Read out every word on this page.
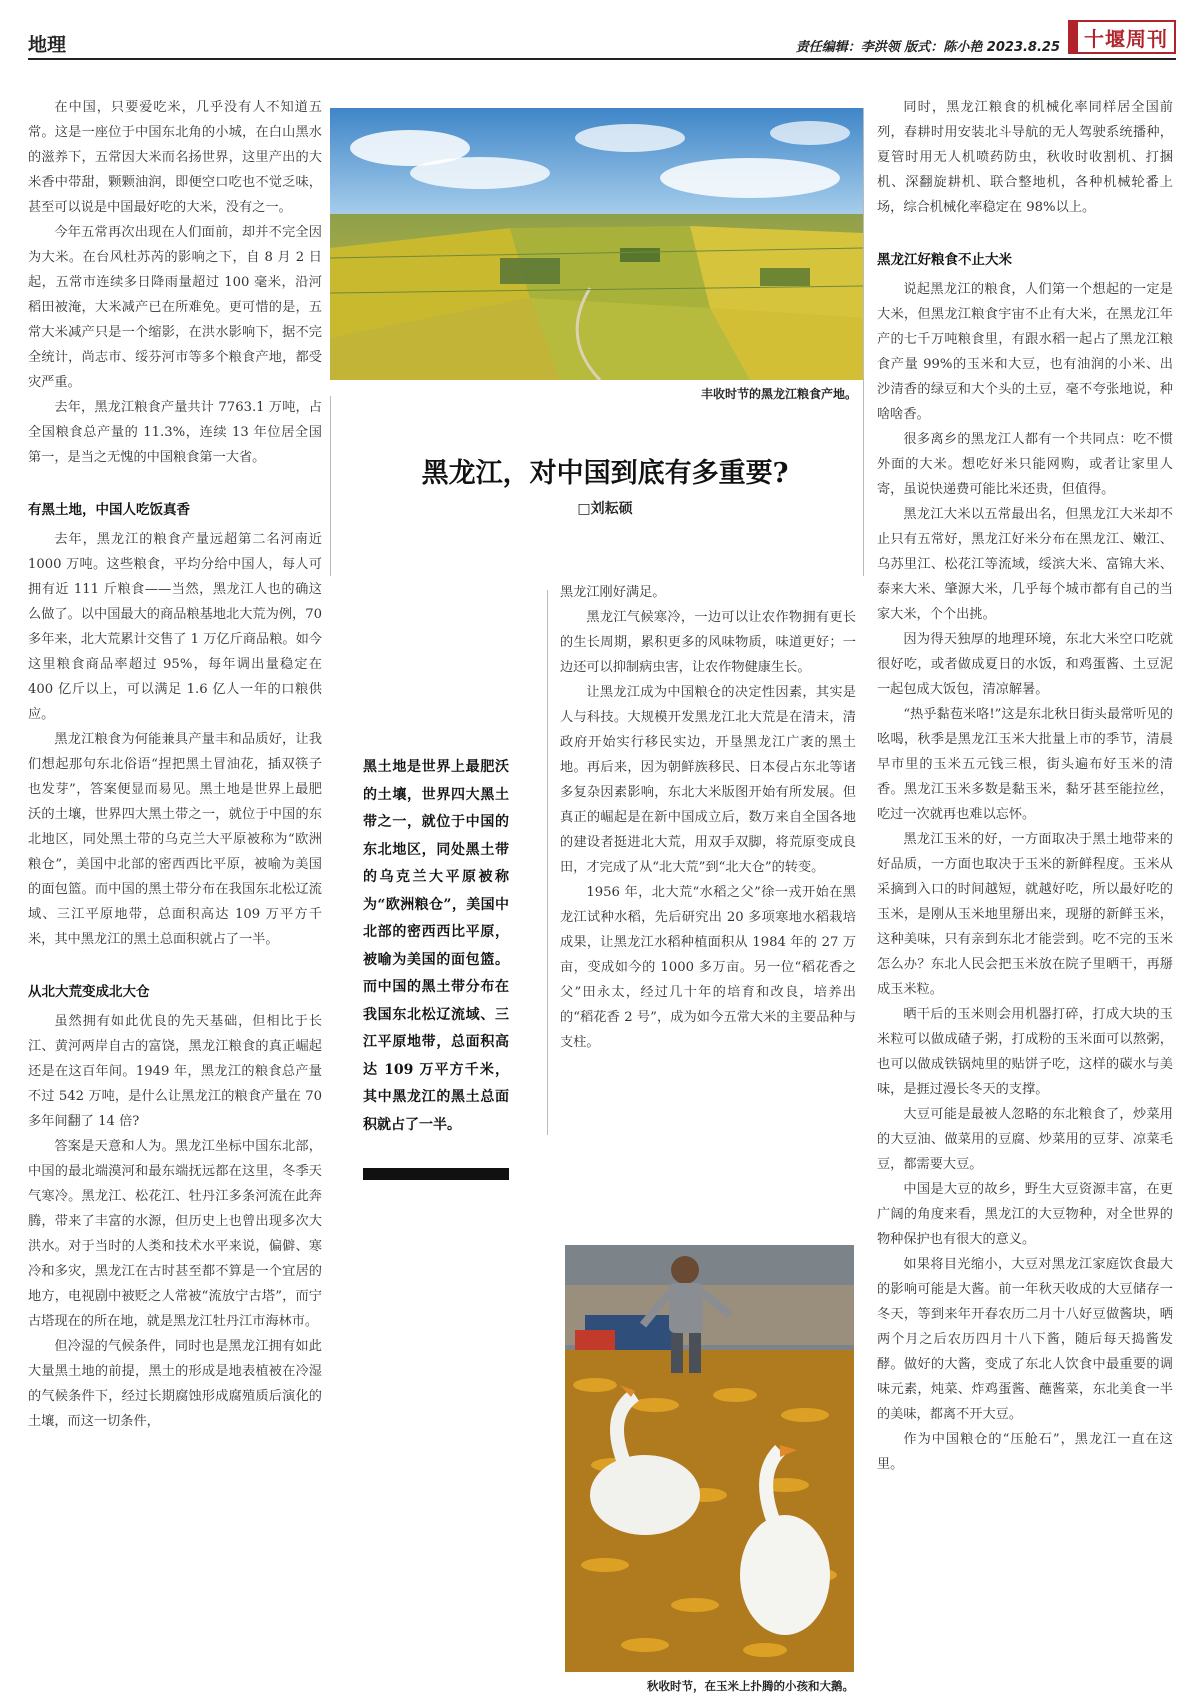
地理	责任编辑：李洪领 版式：陈小艳 2023.8.25	十堰周刊

在中国，只要爱吃米，几乎没有人不知道五常。这是一座位于中国东北角的小城，在白山黑水的滋养下，五常因大米而名扬世界，这里产出的大米香中带甜，颗颗油润，即便空口吃也不觉乏味，甚至可以说是中国最好吃的大米，没有之一。

今年五常再次出现在人们面前，却并不完全因为大米。在台风杜苏芮的影响之下，自 8 月 2 日起，五常市连续多日降雨量超过 100 毫米，沿河稻田被淹，大米减产已在所难免。更可惜的是，五常大米减产只是一个缩影，在洪水影响下，据不完全统计，尚志市、绥芬河市等多个粮食产地，都受灾严重。

去年，黑龙江粮食产量共计 7763.1 万吨，占全国粮食总产量的 11.3%，连续 13 年位居全国第一，是当之无愧的中国粮食第一大省。

有黑土地，中国人吃饭真香

去年，黑龙江的粮食产量远超第二名河南近 1000 万吨。这些粮食，平均分给中国人，每人可拥有近 111 斤粮食——当然，黑龙江人也的确这么做了。以中国最大的商品粮基地北大荒为例，70 多年来，北大荒累计交售了 1 万亿斤商品粮。如今这里粮食商品率超过 95%，每年调出量稳定在 400 亿斤以上，可以满足 1.6 亿人一年的口粮供应。

黑龙江粮食为何能兼具产量丰和品质好，让我们想起那句东北俗语“捏把黑土冒油花，插双筷子也发芽”，答案便显而易见。黑土地是世界上最肥沃的土壤，世界四大黑土带之一，就位于中国的东北地区，同处黑土带的乌克兰大平原被称为“欧洲粮仓”，美国中北部的密西西比平原，被喻为美国的面包篮。而中国的黑土带分布在我国东北松辽流域、三江平原地带，总面积高达 109 万平方千米，其中黑龙江的黑土总面积就占了一半。

从北大荒变成北大仓

虽然拥有如此优良的先天基础，但相比于长江、黄河两岸自古的富饶，黑龙江粮食的真正崛起还是在这百年间。1949 年，黑龙江的粮食总产量不过 542 万吨，是什么让黑龙江的粮食产量在 70 多年间翻了 14 倍?

答案是天意和人为。黑龙江坐标中国东北部，中国的最北端漠河和最东端抚远都在这里，冬季天气寒冷。黑龙江、松花江、牡丹江多条河流在此奔腾，带来了丰富的水源，但历史上也曾出现多次大洪水。对于当时的人类和技术水平来说，偏僻、寒冷和多灾，黑龙江在古时甚至都不算是一个宜居的地方，电视剧中被贬之人常被“流放宁古塔”，而宁古塔现在的所在地，就是黑龙江牡丹江市海林市。

但冷湿的气候条件，同时也是黑龙江拥有如此大量黑土地的前提，黑土的形成是地表植被在冷湿的气候条件下，经过长期腐蚀形成腐殖质后演化的土壤，而这一切条件，

丰收时节的黑龙江粮食产地。
黑龙江，对中国到底有多重要?
□刘耘硕
黑土地是世界上最肥沃的土壤，世界四大黑土带之一，就位于中国的东北地区，同处黑土带的乌克兰大平原被称为“欧洲粮仓”，美国中北部的密西西比平原，被喻为美国的面包篮。而中国的黑土带分布在我国东北松辽流域、三江平原地带，总面积高达 109 万平方千米，其中黑龙江的黑土总面积就占了一半。

黑龙江刚好满足。

黑龙江气候寒冷，一边可以让农作物拥有更长的生长周期，累积更多的风味物质，味道更好；一边还可以抑制病虫害，让农作物健康生长。

让黑龙江成为中国粮仓的决定性因素，其实是人与科技。大规模开发黑龙江北大荒是在清末，清政府开始实行移民实边，开垦黑龙江广袤的黑土地。再后来，因为朝鲜族移民、日本侵占东北等诸多复杂因素影响，东北大米版图开始有所发展。但真正的崛起是在新中国成立后，数万来自全国各地的建设者挺进北大荒，用双手双脚，将荒原变成良田，才完成了从“北大荒”到“北大仓”的转变。

1956 年，北大荒“水稻之父”徐一戎开始在黑龙江试种水稻，先后研究出 20 多项寒地水稻栽培成果，让黑龙江水稻种植面积从 1984 年的 27 万亩，变成如今的 1000 多万亩。另一位“稻花香之父”田永太，经过几十年的培育和改良，培养出的“稻花香 2 号”，成为如今五常大米的主要品种与支柱。

秋收时节，在玉米上扑腾的小孩和大鹅。

同时，黑龙江粮食的机械化率同样居全国前列，春耕时用安装北斗导航的无人驾驶系统播种，夏管时用无人机喷药防虫，秋收时收割机、打捆机、深翻旋耕机、联合整地机，各种机械轮番上场，综合机械化率稳定在 98%以上。

黑龙江好粮食不止大米

说起黑龙江的粮食，人们第一个想起的一定是大米，但黑龙江粮食宇宙不止有大米，在黑龙江年产的七千万吨粮食里，有跟水稻一起占了黑龙江粮食产量 99%的玉米和大豆，也有油润的小米、出沙清香的绿豆和大个头的土豆，毫不夸张地说，种啥啥香。

很多离乡的黑龙江人都有一个共同点：吃不惯外面的大米。想吃好米只能网购，或者让家里人寄，虽说快递费可能比米还贵，但值得。

黑龙江大米以五常最出名，但黑龙江大米却不止只有五常好，黑龙江好米分布在黑龙江、嫩江、乌苏里江、松花江等流域，绥滨大米、富锦大米、泰来大米、肇源大米，几乎每个城市都有自己的当家大米，个个出挑。

因为得天独厚的地理环境，东北大米空口吃就很好吃，或者做成夏日的水饭，和鸡蛋酱、土豆泥一起包成大饭包，清凉解暑。

“热乎黏苞米咯!”这是东北秋日街头最常听见的吆喝，秋季是黑龙江玉米大批量上市的季节，清晨早市里的玉米五元钱三根，街头遍布好玉米的清香。黑龙江玉米多数是黏玉米，黏牙甚至能拉丝，吃过一次就再也难以忘怀。

黑龙江玉米的好，一方面取决于黑土地带来的好品质，一方面也取决于玉米的新鲜程度。玉米从采摘到入口的时间越短，就越好吃，所以最好吃的玉米，是刚从玉米地里掰出来，现掰的新鲜玉米，这种美味，只有亲到东北才能尝到。吃不完的玉米怎么办？东北人民会把玉米放在院子里晒干，再掰成玉米粒。

晒干后的玉米则会用机器打碎，打成大块的玉米粒可以做成碴子粥，打成粉的玉米面可以熬粥，也可以做成铁锅炖里的贴饼子吃，这样的碳水与美味，是捱过漫长冬天的支撑。

大豆可能是最被人忽略的东北粮食了，炒菜用的大豆油、做菜用的豆腐、炒菜用的豆芽、凉菜毛豆，都需要大豆。

中国是大豆的故乡，野生大豆资源丰富，在更广阔的角度来看，黑龙江的大豆物种，对全世界的物种保护也有很大的意义。

如果将目光缩小，大豆对黑龙江家庭饮食最大的影响可能是大酱。前一年秋天收成的大豆储存一冬天，等到来年开春农历二月十八好豆做酱块，晒两个月之后农历四月十八下酱，随后每天捣酱发酵。做好的大酱，变成了东北人饮食中最重要的调味元素，炖菜、炸鸡蛋酱、蘸酱菜，东北美食一半的美味，都离不开大豆。

作为中国粮仓的“压舱石”，黑龙江一直在这里。
